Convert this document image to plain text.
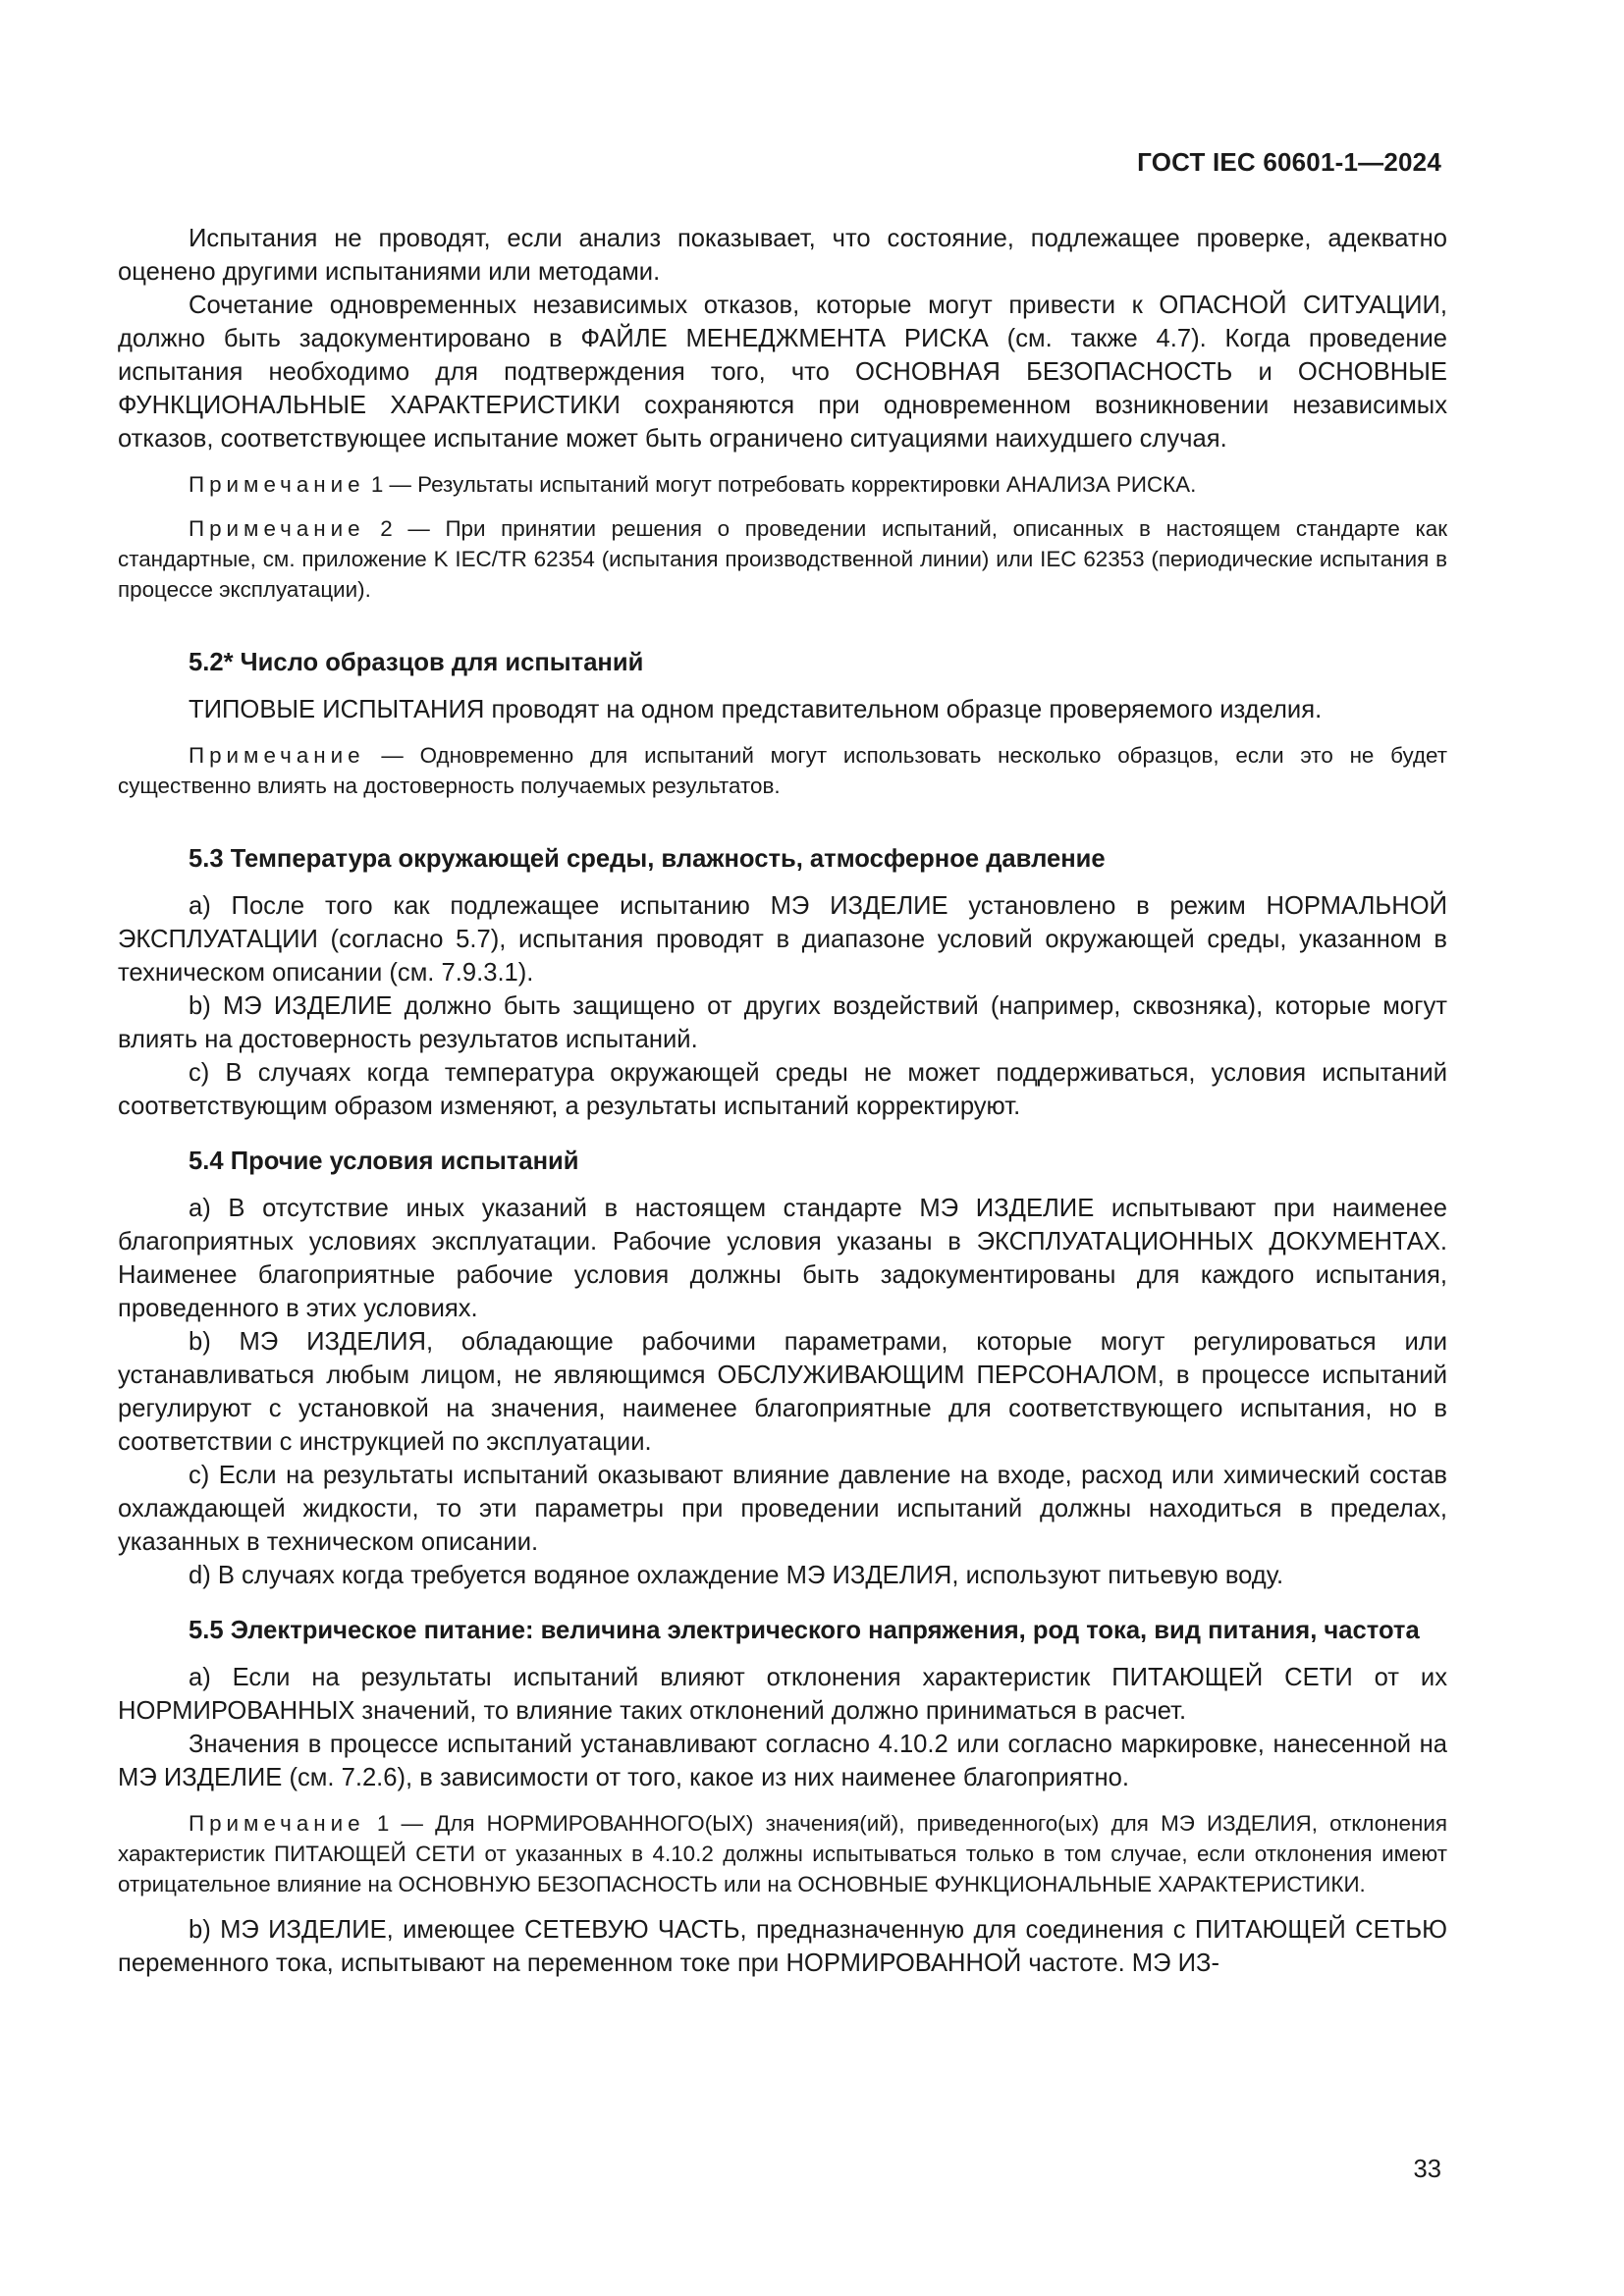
ГОСТ IEC 60601-1—2024

Испытания не проводят, если анализ показывает, что состояние, подлежащее проверке, адекватно оценено другими испытаниями или методами.

Сочетание одновременных независимых отказов, которые могут привести к ОПАСНОЙ СИТУАЦИИ, должно быть задокументировано в ФАЙЛЕ МЕНЕДЖМЕНТА РИСКА (см. также 4.7). Когда проведение испытания необходимо для подтверждения того, что ОСНОВНАЯ БЕЗОПАСНОСТЬ и ОСНОВНЫЕ ФУНКЦИОНАЛЬНЫЕ ХАРАКТЕРИСТИКИ сохраняются при одновременном возникновении независимых отказов, соответствующее испытание может быть ограничено ситуациями наихудшего случая.

Примечание 1 — Результаты испытаний могут потребовать корректировки АНАЛИЗА РИСКА.

Примечание 2 — При принятии решения о проведении испытаний, описанных в настоящем стандарте как стандартные, см. приложение K IEC/TR 62354 (испытания производственной линии) или IEC 62353 (периодические испытания в процессе эксплуатации).

5.2* Число образцов для испытаний

ТИПОВЫЕ ИСПЫТАНИЯ проводят на одном представительном образце проверяемого изделия.

Примечание — Одновременно для испытаний могут использовать несколько образцов, если это не будет существенно влиять на достоверность получаемых результатов.

5.3 Температура окружающей среды, влажность, атмосферное давление

a) После того как подлежащее испытанию МЭ ИЗДЕЛИЕ установлено в режим НОРМАЛЬНОЙ ЭКСПЛУАТАЦИИ (согласно 5.7), испытания проводят в диапазоне условий окружающей среды, указанном в техническом описании (см. 7.9.3.1).

b) МЭ ИЗДЕЛИЕ должно быть защищено от других воздействий (например, сквозняка), которые могут влиять на достоверность результатов испытаний.

c) В случаях когда температура окружающей среды не может поддерживаться, условия испытаний соответствующим образом изменяют, а результаты испытаний корректируют.

5.4 Прочие условия испытаний

a) В отсутствие иных указаний в настоящем стандарте МЭ ИЗДЕЛИЕ испытывают при наименее благоприятных условиях эксплуатации. Рабочие условия указаны в ЭКСПЛУАТАЦИОННЫХ ДОКУМЕНТАХ. Наименее благоприятные рабочие условия должны быть задокументированы для каждого испытания, проведенного в этих условиях.

b) МЭ ИЗДЕЛИЯ, обладающие рабочими параметрами, которые могут регулироваться или устанавливаться любым лицом, не являющимся ОБСЛУЖИВАЮЩИМ ПЕРСОНАЛОМ, в процессе испытаний регулируют с установкой на значения, наименее благоприятные для соответствующего испытания, но в соответствии с инструкцией по эксплуатации.

c) Если на результаты испытаний оказывают влияние давление на входе, расход или химический состав охлаждающей жидкости, то эти параметры при проведении испытаний должны находиться в пределах, указанных в техническом описании.

d) В случаях когда требуется водяное охлаждение МЭ ИЗДЕЛИЯ, используют питьевую воду.

5.5 Электрическое питание: величина электрического напряжения, род тока, вид питания, частота

a) Если на результаты испытаний влияют отклонения характеристик ПИТАЮЩЕЙ СЕТИ от их НОРМИРОВАННЫХ значений, то влияние таких отклонений должно приниматься в расчет.

Значения в процессе испытаний устанавливают согласно 4.10.2 или согласно маркировке, нанесенной на МЭ ИЗДЕЛИЕ (см. 7.2.6), в зависимости от того, какое из них наименее благоприятно.

Примечание 1 — Для НОРМИРОВАННОГО(ЫХ) значения(ий), приведенного(ых) для МЭ ИЗДЕЛИЯ, отклонения характеристик ПИТАЮЩЕЙ СЕТИ от указанных в 4.10.2 должны испытываться только в том случае, если отклонения имеют отрицательное влияние на ОСНОВНУЮ БЕЗОПАСНОСТЬ или на ОСНОВНЫЕ ФУНКЦИОНАЛЬНЫЕ ХАРАКТЕРИСТИКИ.

b) МЭ ИЗДЕЛИЕ, имеющее СЕТЕВУЮ ЧАСТЬ, предназначенную для соединения с ПИТАЮЩЕЙ СЕТЬЮ переменного тока, испытывают на переменном токе при НОРМИРОВАННОЙ частоте. МЭ ИЗ-

33
